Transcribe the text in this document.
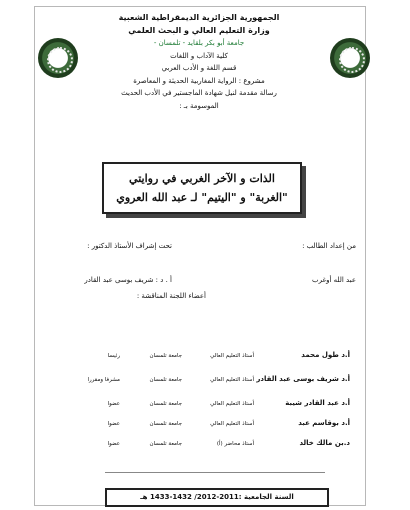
الجمهورية الجزائرية الديمقراطية الشعبية
وزارة التعليم العالي و البحث العلمي
جامعة أبو بكر بلقايد - تلمسان -
كلية الآداب و اللغات
قسم اللغة و الأدب العربي
مشروع : الرواية المغاربية الحديثة و المعاصرة
رسالة مقدمة لنيل شهادة الماجستير في الأدب الحديث
الموسومة بـ :
الذات و الآخر الغربي في روايتي
"الغربة" و "اليتيم" لـ عبد الله العروي
من إعداد الطالب :
تحت إشراف الأستاذ الدكتور :
عبد الله أوغرب
أ . د : شريف بوسى عبد القادر
أعضاء اللجنة المناقشة :
أ.د طول محمد
أستاذ التعليم العالي
جامعة تلمسان
رئيسا
أ.د شريف بوسى عبد القادر
أستاذ التعليم العالي
جامعة تلمسان
مشرفا ومقررا
أ.د عبد القادر شيبة
أستاذ التعليم العالي
جامعة تلمسان
عضوا
أ.د بوقاسم عبد
أستاذ التعليم العالي
جامعة تلمسان
عضوا
د.بن مالك خالد
أستاذ محاضر (أ)
جامعة تلمسان
عضوا
السنة الجامعية :2011-2012/ 1432-1433 هـ
